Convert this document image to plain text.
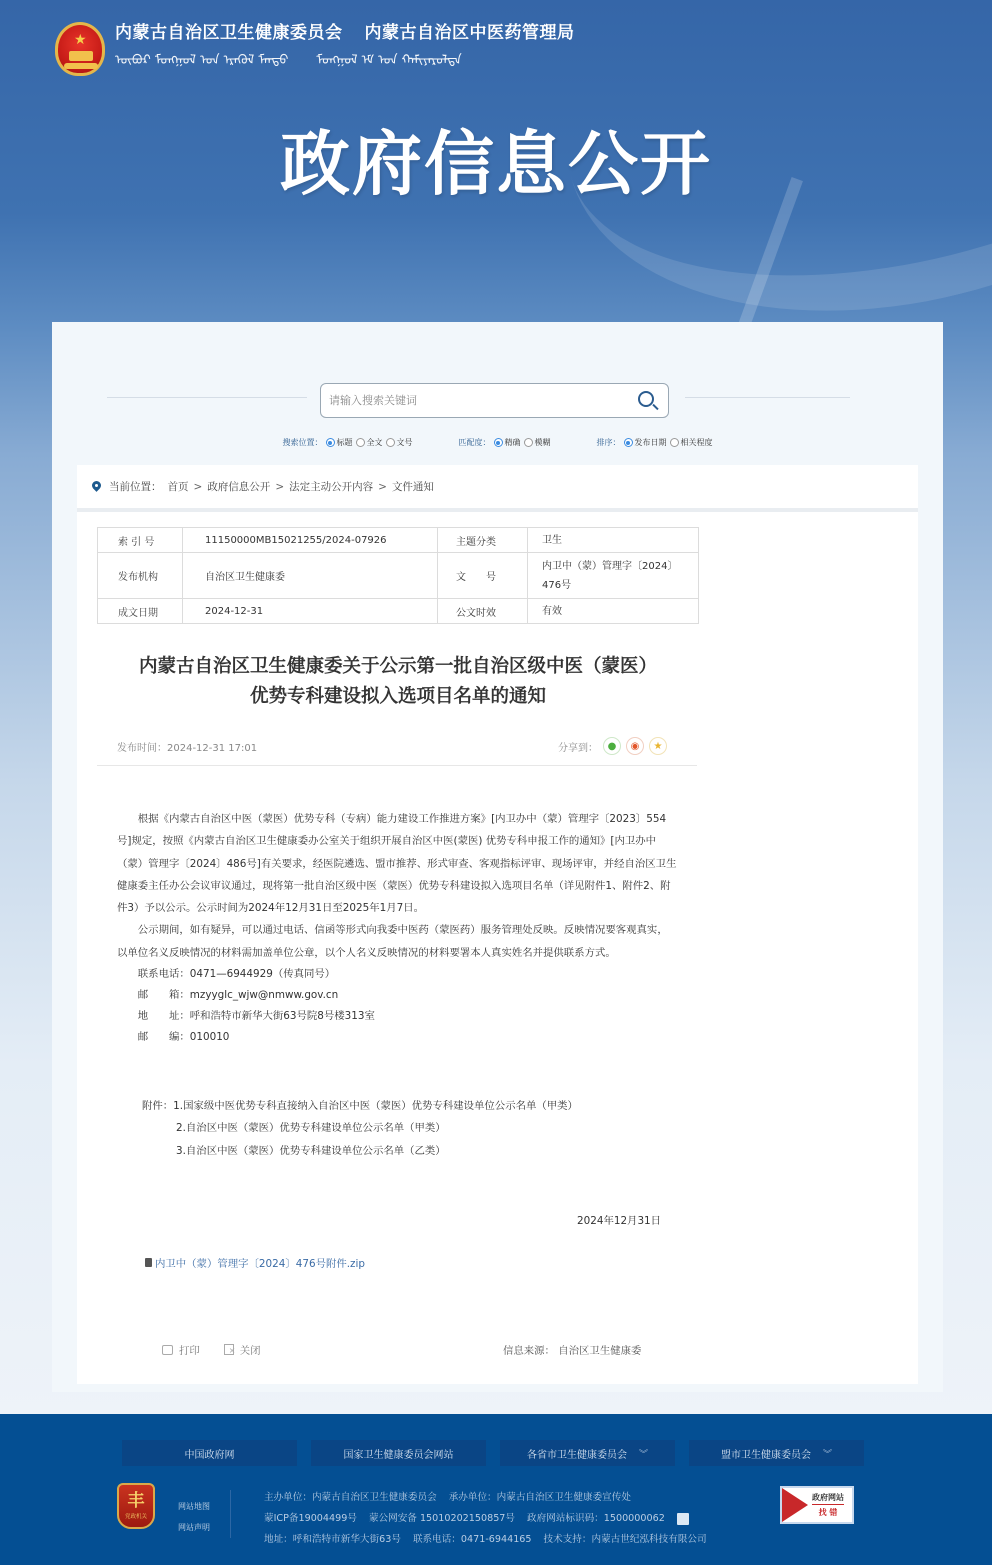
★ 内蒙古自治区卫生健康委员会 内蒙古自治区中医药管理局
ᠦᠪᠦᠷ ᠮᠣᠩᠭᠣᠯ ᠤᠨ ᠡᠷᠡᠭᠦᠯ ᠮᠡᠨᠳᠦ ᠮᠣᠩᠭᠣᠯ ᠡᠮ ᠤᠨ ᠬᠠᠮᠢᠶᠠᠷᠤᠯᠲᠠ
政府信息公开
请输入搜索关键词
搜索位置： 标题 全文 文号	匹配度： 精确 模糊	排序： 发布日期 相关程度
当前位置： 首页 > 政府信息公开 > 法定主动公开内容 > 文件通知
索 引 号	11150000MB15021255/2024-07926	主题分类	卫生
发布机构	自治区卫生健康委	文　　号	内卫中（蒙）管理字〔2024〕476号
成文日期	2024-12-31	公文时效	有效
内蒙古自治区卫生健康委关于公示第一批自治区级中医（蒙医）
优势专科建设拟入选项目名单的通知
发布时间：2024-12-31 17:01	分享到： ●	◉	★

根据《内蒙古自治区中医（蒙医）优势专科（专病）能力建设工作推进方案》[内卫办中（蒙）管理字〔2023〕554号]规定，按照《内蒙古自治区卫生健康委办公室关于组织开展自治区中医(蒙医) 优势专科申报工作的通知》[内卫办中（蒙）管理字〔2024〕486号]有关要求，经医院遴选、盟市推荐、形式审查、客观指标评审、现场评审，并经自治区卫生健康委主任办公会议审议通过，现将第一批自治区级中医（蒙医）优势专科建设拟入选项目名单（详见附件1、附件2、附件3）予以公示。公示时间为2024年12月31日至2025年1月7日。

公示期间，如有疑异，可以通过电话、信函等形式向我委中医药（蒙医药）服务管理处反映。反映情况要客观真实，以单位名义反映情况的材料需加盖单位公章，以个人名义反映情况的材料要署本人真实姓名并提供联系方式。

联系电话：0471—6944929（传真同号）
邮　　箱：mzyyglc_wjw@nmww.gov.cn
地　　址：呼和浩特市新华大街63号院8号楼313室
邮　　编：010010
附件：1.国家级中医优势专科直接纳入自治区中医（蒙医）优势专科建设单位公示名单（甲类）
2.自治区中医（蒙医）优势专科建设单位公示名单（甲类）
3.自治区中医（蒙医）优势专科建设单位公示名单（乙类）
2024年12月31日
内卫中（蒙）管理字〔2024〕476号附件.zip
打印 ×	关闭	信息来源： 自治区卫生健康委
中国政府网	国家卫生健康委员会网站	各省市卫生健康委员会 ︾	盟市卫生健康委员会 ︾
丰
党政机关
网站地图
网站声明
主办单位：内蒙古自治区卫生健康委员会 承办单位：内蒙古自治区卫生健康委宣传处
蒙ICP备19004499号 蒙公网安备 15010202150857号 政府网站标识码：1500000062
地址：呼和浩特市新华大街63号 联系电话：0471-6944165 技术支持：内蒙古世纪泓科技有限公司
政府网站
找 错
